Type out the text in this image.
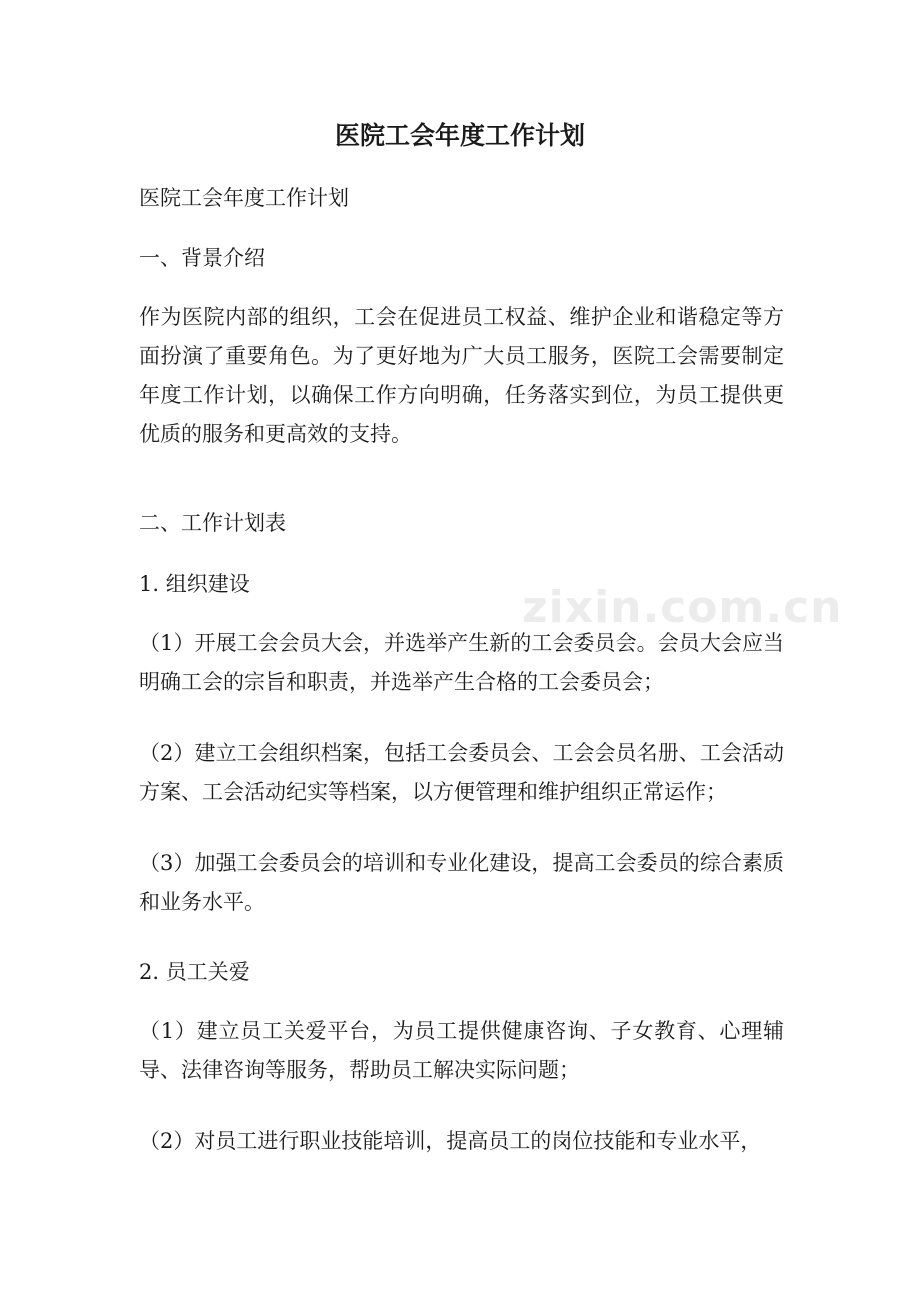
zixin.com.cn
医院工会年度工作计划

医院工会年度工作计划

一、背景介绍

作为医院内部的组织，工会在促进员工权益、维护企业和谐稳定等方面扮演了重要角色。为了更好地为广大员工服务，医院工会需要制定年度工作计划，以确保工作方向明确，任务落实到位，为员工提供更优质的服务和更高效的支持。

二、工作计划表

1. 组织建设

（1）开展工会会员大会，并选举产生新的工会委员会。会员大会应当明确工会的宗旨和职责，并选举产生合格的工会委员会；

（2）建立工会组织档案，包括工会委员会、工会会员名册、工会活动方案、工会活动纪实等档案，以方便管理和维护组织正常运作；

（3）加强工会委员会的培训和专业化建设，提高工会委员的综合素质和业务水平。

2. 员工关爱

（1）建立员工关爱平台，为员工提供健康咨询、子女教育、心理辅导、法律咨询等服务，帮助员工解决实际问题；

（2）对员工进行职业技能培训，提高员工的岗位技能和专业水平，
